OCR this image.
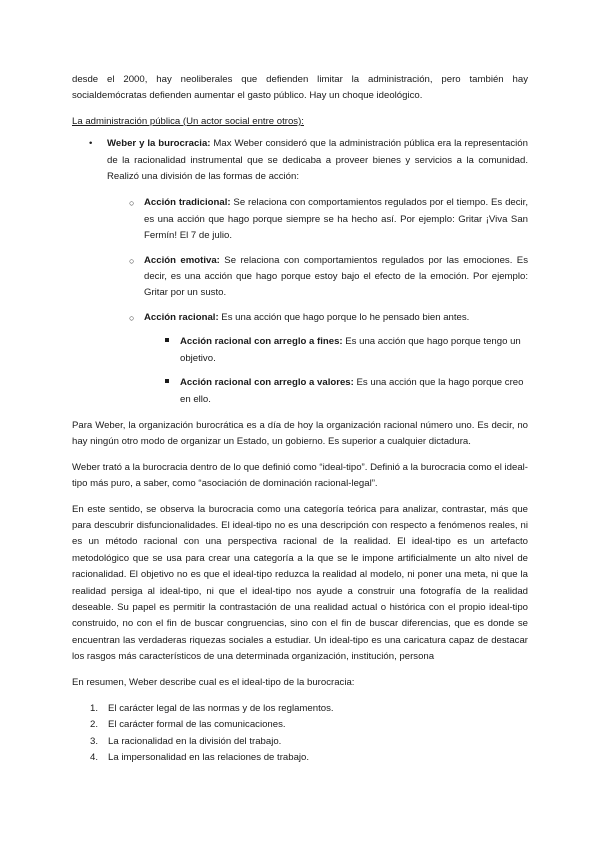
desde el 2000, hay neoliberales que defienden limitar la administración, pero también hay socialdemócratas defienden aumentar el gasto público. Hay un choque ideológico.

La administración pública (Un actor social entre otros):

• Weber y la burocracia: Max Weber consideró que la administración pública era la representación de la racionalidad instrumental que se dedicaba a proveer bienes y servicios a la comunidad. Realizó una división de las formas de acción:
○ Acción tradicional: Se relaciona con comportamientos regulados por el tiempo. Es decir, es una acción que hago porque siempre se ha hecho así. Por ejemplo: Gritar ¡Viva San Fermín! El 7 de julio.
○ Acción emotiva: Se relaciona con comportamientos regulados por las emociones. Es decir, es una acción que hago porque estoy bajo el efecto de la emoción. Por ejemplo: Gritar por un susto.
○ Acción racional: Es una acción que hago porque lo he pensado bien antes.
Acción racional con arreglo a fines: Es una acción que hago porque tengo un objetivo.
Acción racional con arreglo a valores: Es una acción que la hago porque creo en ello.

Para Weber, la organización burocrática es a día de hoy la organización racional número uno. Es decir, no hay ningún otro modo de organizar un Estado, un gobierno. Es superior a cualquier dictadura.

Weber trató a la burocracia dentro de lo que definió como “ideal-tipo”. Definió a la burocracia como el ideal-tipo más puro, a saber, como “asociación de dominación racional-legal”.

En este sentido, se observa la burocracia como una categoría teórica para analizar, contrastar, más que para descubrir disfuncionalidades. El ideal-tipo no es una descripción con respecto a fenómenos reales, ni es un método racional con una perspectiva racional de la realidad. El ideal-tipo es un artefacto metodológico que se usa para crear una categoría a la que se le impone artificialmente un alto nivel de racionalidad. El objetivo no es que el ideal-tipo reduzca la realidad al modelo, ni poner una meta, ni que la realidad persiga al ideal-tipo, ni que el ideal-tipo nos ayude a construir una fotografía de la realidad deseable. Su papel es permitir la contrastación de una realidad actual o histórica con el propio ideal-tipo construido, no con el fin de buscar congruencias, sino con el fin de buscar diferencias, que es donde se encuentran las verdaderas riquezas sociales a estudiar. Un ideal-tipo es una caricatura capaz de destacar los rasgos más característicos de una determinada organización, institución, persona

En resumen, Weber describe cual es el ideal-tipo de la burocracia:

1. El carácter legal de las normas y de los reglamentos.
2. El carácter formal de las comunicaciones.
3. La racionalidad en la división del trabajo.
4. La impersonalidad en las relaciones de trabajo.
